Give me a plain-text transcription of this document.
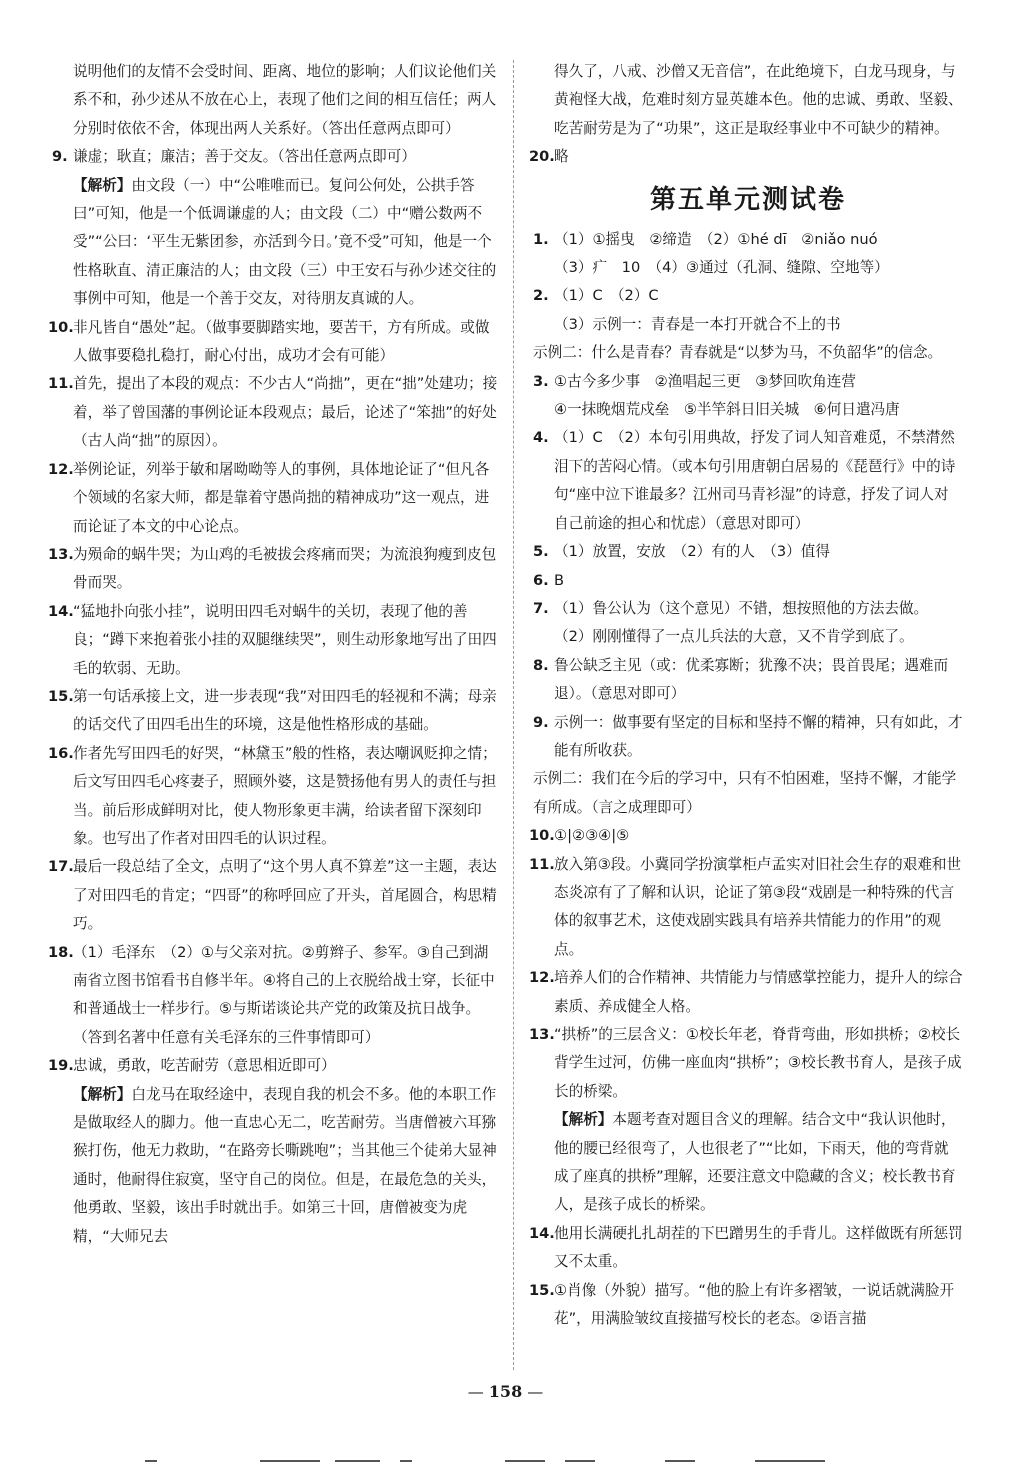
说明他们的友情不会受时间、距离、地位的影响；人们议论他们关系不和，孙少述从不放在心上，表现了他们之间的相互信任；两人分别时依依不舍，体现出两人关系好。（答出任意两点即可）
9. 谦虚；耿直；廉洁；善于交友。（答出任意两点即可）
【解析】由文段（一）中“公唯唯而已。复问公何处，公拱手答曰”可知，他是一个低调谦虚的人；由文段（二）中“赠公数两不受”“公曰：‘平生无紫团参，亦活到今日。’竟不受”可知，他是一个性格耿直、清正廉洁的人；由文段（三）中王安石与孙少述交往的事例中可知，他是一个善于交友，对待朋友真诚的人。
10. 非凡皆自“愚处”起。（做事要脚踏实地，要苦干，方有所成。或做人做事要稳扎稳打，耐心付出，成功才会有可能）
11. 首先，提出了本段的观点：不少古人“尚拙”，更在“拙”处建功；接着，举了曾国藩的事例论证本段观点；最后，论述了“笨拙”的好处（古人尚“拙”的原因）。
12. 举例论证，列举于敏和屠呦呦等人的事例，具体地论证了“但凡各个领域的名家大师，都是靠着守愚尚拙的精神成功”这一观点，进而论证了本文的中心论点。
13. 为殒命的蜗牛哭；为山鸡的毛被拔会疼痛而哭；为流浪狗瘦到皮包骨而哭。
14. “猛地扑向张小挂”，说明田四毛对蜗牛的关切，表现了他的善良；“蹲下来抱着张小挂的双腿继续哭”，则生动形象地写出了田四毛的软弱、无助。
15. 第一句话承接上文，进一步表现“我”对田四毛的轻视和不满；母亲的话交代了田四毛出生的环境，这是他性格形成的基础。
16. 作者先写田四毛的好哭，“林黛玉”般的性格，表达嘲讽贬抑之情；后文写田四毛心疼妻子，照顾外婆，这是赞扬他有男人的责任与担当。前后形成鲜明对比，使人物形象更丰满，给读者留下深刻印象。也写出了作者对田四毛的认识过程。
17. 最后一段总结了全文，点明了“这个男人真不算差”这一主题，表达了对田四毛的肯定；“四哥”的称呼回应了开头，首尾圆合，构思精巧。
18. （1）毛泽东　（2）①与父亲对抗。②剪辫子、参军。③自己到湖南省立图书馆看书自修半年。④将自己的上衣脱给战士穿，长征中和普通战士一样步行。⑤与斯诺谈论共产党的政策及抗日战争。（答到名著中任意有关毛泽东的三件事情即可）
19. 忠诚，勇敢，吃苦耐劳（意思相近即可）
【解析】白龙马在取经途中，表现自我的机会不多。他的本职工作是做取经人的脚力。他一直忠心无二，吃苦耐劳。当唐僧被六耳猕猴打伤，他无力救助，“在路旁长嘶跳咆”；当其他三个徒弟大显神通时，他耐得住寂寞，坚守自己的岗位。但是，在最危急的关头，他勇敢、坚毅，该出手时就出手。如第三十回，唐僧被变为虎精，“大师兄去
得久了，八戒、沙僧又无音信”，在此绝境下，白龙马现身，与黄袍怪大战，危难时刻方显英雄本色。他的忠诚、勇敢、坚毅、吃苦耐劳是为了“功果”，这正是取经事业中不可缺少的精神。
20. 略
第五单元测试卷
1. （1）①摇曳　②缔造　（2）①hé dī　②niǎo nuó
（3）疒　10　（4）③通过（孔洞、缝隙、空地等）
2. （1）C　（2）C
（3）示例一：青春是一本打开就合不上的书
示例二：什么是青春？青春就是“以梦为马，不负韶华”的信念。
3. ①古今多少事　②渔唱起三更　③梦回吹角连营
④一抹晚烟荒戍垒　⑤半竿斜日旧关城　⑥何日遣冯唐
4. （1）C　（2）本句引用典故，抒发了词人知音难觅，不禁潸然泪下的苦闷心情。（或本句引用唐朝白居易的《琵琶行》中的诗句“座中泣下谁最多？江州司马青衫湿”的诗意，抒发了词人对自己前途的担心和忧虑）（意思对即可）
5. （1）放置，安放　（2）有的人　（3）值得
6. B
7. （1）鲁公认为（这个意见）不错，想按照他的方法去做。
（2）刚刚懂得了一点儿兵法的大意，又不肯学到底了。
8. 鲁公缺乏主见（或：优柔寡断；犹豫不决；畏首畏尾；遇难而退）。（意思对即可）
9. 示例一：做事要有坚定的目标和坚持不懈的精神，只有如此，才能有所收获。
示例二：我们在今后的学习中，只有不怕困难，坚持不懈，才能学有所成。（言之成理即可）
10. ①|②③④|⑤
11. 放入第③段。小冀同学扮演掌柜卢孟实对旧社会生存的艰难和世态炎凉有了了解和认识，论证了第③段“戏剧是一种特殊的代言体的叙事艺术，这使戏剧实践具有培养共情能力的作用”的观点。
12. 培养人们的合作精神、共情能力与情感掌控能力，提升人的综合素质、养成健全人格。
13. “拱桥”的三层含义：①校长年老，脊背弯曲，形如拱桥；②校长背学生过河，仿佛一座血肉“拱桥”；③校长教书育人，是孩子成长的桥梁。
【解析】本题考查对题目含义的理解。结合文中“我认识他时，他的腰已经很弯了，人也很老了”“比如，下雨天，他的弯背就成了座真的拱桥”理解，还要注意文中隐藏的含义；校长教书育人，是孩子成长的桥梁。
14. 他用长满硬扎扎胡茬的下巴蹭男生的手背儿。这样做既有所惩罚又不太重。
15. ①肖像（外貌）描写。“他的脸上有许多褶皱，一说话就满脸开花”，用满脸皱纹直接描写校长的老态。②语言描
— 158 —
